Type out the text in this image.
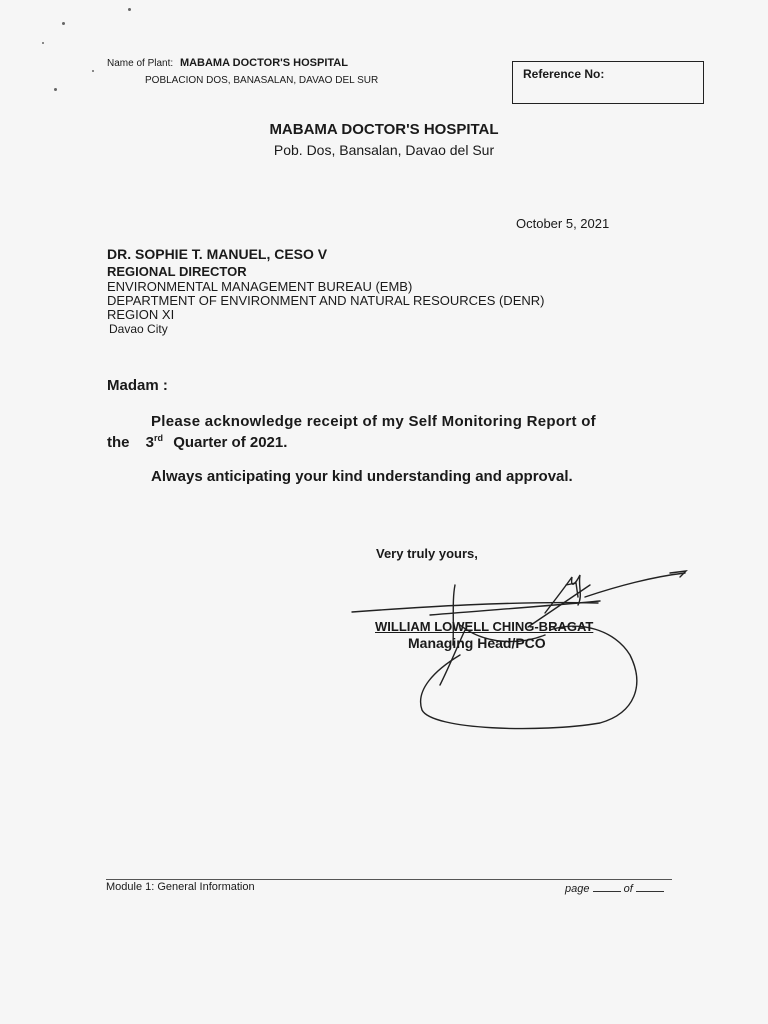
Name of Plant: MABAMA DOCTOR'S HOSPITAL
POBLACION DOS, BANASALAN, DAVAO DEL SUR	Reference No:
MABAMA DOCTOR'S HOSPITAL
Pob. Dos, Bansalan, Davao del Sur
October 5, 2021
DR. SOPHIE T. MANUEL, CESO V
REGIONAL DIRECTOR
ENVIRONMENTAL MANAGEMENT BUREAU (EMB)
DEPARTMENT OF ENVIRONMENT AND NATURAL RESOURCES (DENR)
REGION XI
Davao City
Madam :
Please acknowledge receipt of my Self Monitoring Report of
the 3rd Quarter of 2021.
Always anticipating your kind understanding and approval.
Very truly yours,
WILLIAM LOWELL CHING-BRAGAT
Managing Head/PCO
Module 1: General Information	page	of
